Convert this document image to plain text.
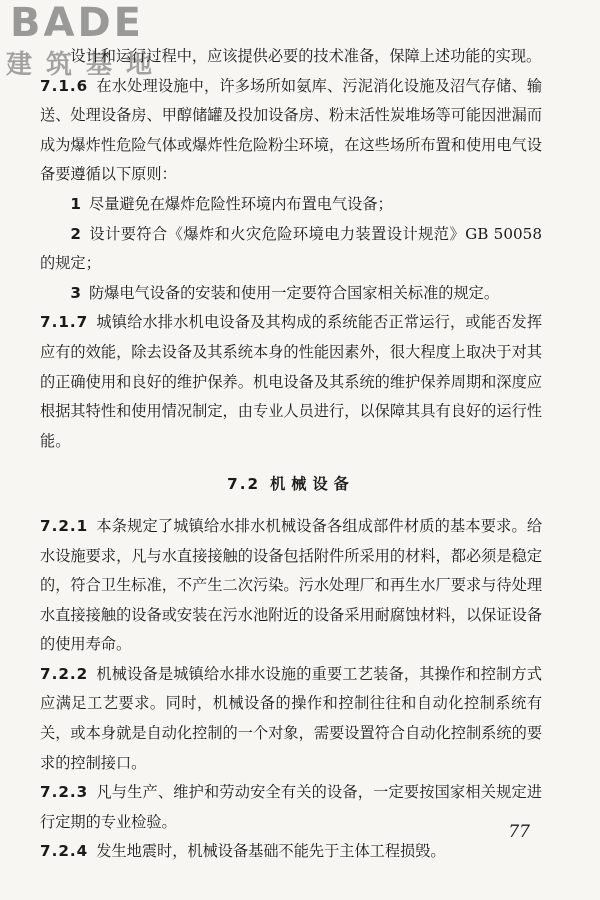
BADE
建筑基地

设计和运行过程中，应该提供必要的技术准备，保障上述功能的实现。

7.1.6 在水处理设施中，许多场所如氨库、污泥消化设施及沼气存储、输送、处理设备房、甲醇储罐及投加设备房、粉末活性炭堆场等可能因泄漏而成为爆炸性危险气体或爆炸性危险粉尘环境，在这些场所布置和使用电气设备要遵循以下原则：

1 尽量避免在爆炸危险性环境内布置电气设备；

2 设计要符合《爆炸和火灾危险环境电力装置设计规范》GB 50058 的规定；

3 防爆电气设备的安装和使用一定要符合国家相关标准的规定。

7.1.7 城镇给水排水机电设备及其构成的系统能否正常运行，或能否发挥应有的效能，除去设备及其系统本身的性能因素外，很大程度上取决于对其的正确使用和良好的维护保养。机电设备及其系统的维护保养周期和深度应根据其特性和使用情况制定，由专业人员进行，以保障其具有良好的运行性能。

7.2 机械设备

7.2.1 本条规定了城镇给水排水机械设备各组成部件材质的基本要求。给水设施要求，凡与水直接接触的设备包括附件所采用的材料，都必须是稳定的，符合卫生标准，不产生二次污染。污水处理厂和再生水厂要求与待处理水直接接触的设备或安装在污水池附近的设备采用耐腐蚀材料，以保证设备的使用寿命。

7.2.2 机械设备是城镇给水排水设施的重要工艺装备，其操作和控制方式应满足工艺要求。同时，机械设备的操作和控制往往和自动化控制系统有关，或本身就是自动化控制的一个对象，需要设置符合自动化控制系统的要求的控制接口。

7.2.3 凡与生产、维护和劳动安全有关的设备，一定要按国家相关规定进行定期的专业检验。

7.2.4 发生地震时，机械设备基础不能先于主体工程损毁。

77
